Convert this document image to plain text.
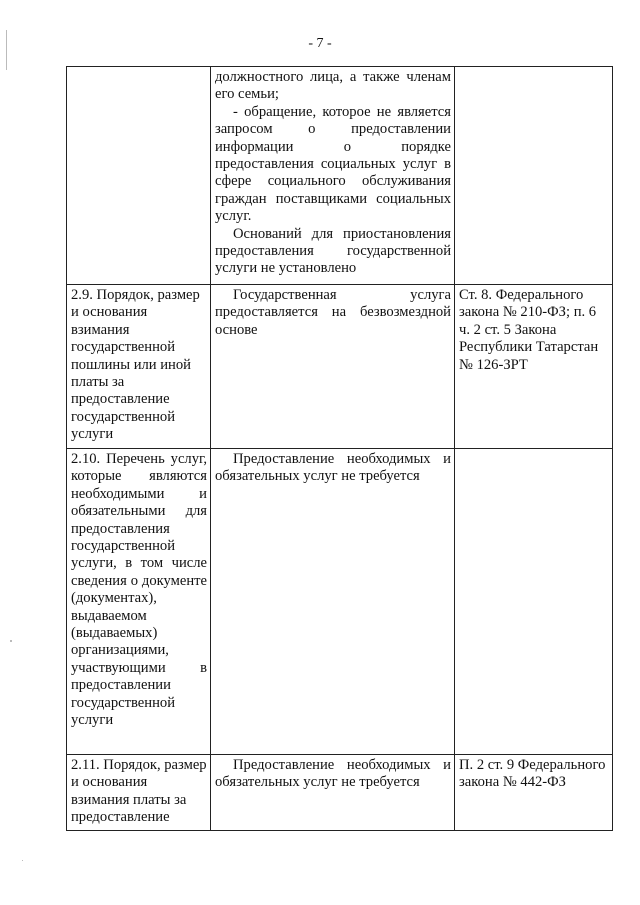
- 7 -

	должностного лица, а также членам его семьи;

- обращение, которое не является запросом о предоставлении информации о порядке предоставления социальных услуг в сфере социального обслуживания граждан поставщиками социальных услуг.

Оснований для приостановления предоставления государственной услуги не установлено	

2.9. Порядок, размер и основания взимания государственной пошлины или иной платы за предоставление государственной услуги	Государственная услуга предоставляется на безвозмездной основе	Ст. 8. Федерального закона № 210-ФЗ; п. 6 ч. 2 ст. 5 Закона Республики Татарстан № 126-ЗРТ
2.10. Перечень услуг, которые являются необходимыми и обязательными для предоставления государственной услуги, в том числе сведения о документе (документах), выдаваемом (выдаваемых) организациями, участвующими в предоставлении государственной услуги	Предоставление необходимых и обязательных услуг не требуется	
2.11. Порядок, размер и основания взимания платы за предоставление	Предоставление необходимых и обязательных услуг не требуется	П. 2 ст. 9 Федерального закона № 442-ФЗ
